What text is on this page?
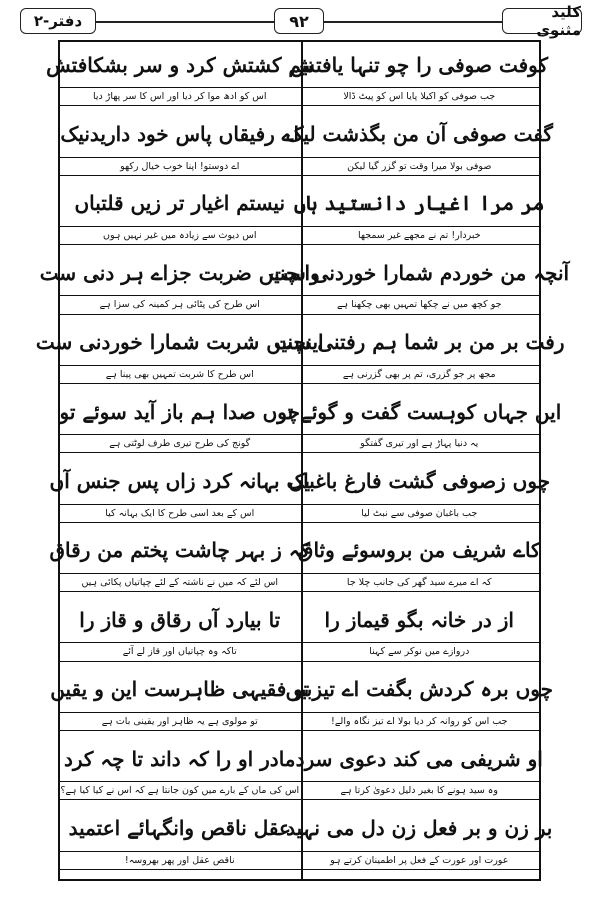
دفتر-۲	۹۲	کلید مثنوی
کوفت صوفی را چو تنہا یافتش
نیم کشتش کرد و سر بشکافتش
جب صوفی کو اکیلا پایا اس کو پیٹ ڈالا
اس کو ادھ موا کر دیا اور اس کا سر پھاڑ دیا
گفت صوفی آن من بگذشت لیک
اے رفیقاں پاس خود داریدنیک
صوفی بولا میرا وقت تو گزر گیا لیکن
اے دوستو! اپنا خوب خیال رکھو
مر مرا اغیار دانستید ہاں
نیستم اغیار تر زیں قلتباں
خبردار! تم نے مجھے غیر سمجھا
اس دیوث سے زیادہ میں غیر نہیں ہوں
آنچہ من خوردم شمارا خوردنی ست
وانچنیں ضربت جزاے ہر دنی ست
جو کچھ میں نے چکھا تمہیں بھی چکھنا ہے
اس طرح کی پٹائی ہر کمینہ کی سزا ہے
رفت بر من بر شما ہم رفتنی ست
اینچنیں شربت شمارا خوردنی ست
مجھ پر جو گزری، تم پر بھی گزرنی ہے
اس طرح کا شربت تمہیں بھی پینا ہے
ایں جہاں کوہست گفت و گوئے تو
چوں صدا ہم باز آید سوئے تو
یہ دنیا پہاڑ ہے اور تیری گفتگو
گونج کی طرح تیری طرف لوٹتی ہے
چوں زصوفی گشت فارغ باغباں
یک بہانہ کرد زاں پس جنس آں
جب باغبان صوفی سے نبٹ لیا
اس کے بعد اسی طرح کا ایک بہانہ کیا
کاے شریف من بروسوئے وثاق
کہ ز بہر چاشت پختم من رقاق
کہ اے میرے سید گھر کی جانب چلا جا
اس لئے کہ میں نے ناشتہ کے لئے چپاتیاں پکائی ہیں
از در خانہ بگو قیماز را
تا بیارد آں رقاق و قاز را
دروازے میں نوکر سے کہنا
تاکہ وہ چپاتیاں اور قاز لے آئے
چوں برہ کردش بگفت اے تیزبیں
تو فقیہی ظاہرست این و یقیں
جب اس کو روانہ کر دیا بولا اے تیز نگاہ والے!
تو مولوی ہے یہ ظاہر اور یقینی بات ہے
او شریفی می کند دعوی سرد
مادر او را کہ داند تا چہ کرد
وہ سید ہونے کا بغیر دلیل دعویٰ کرتا ہے
اس کی ماں کے بارے میں کون جانتا ہے کہ اس نے کیا کیا ہے؟
بر زن و بر فعل زن دل می نہید
عقل ناقص وانگہائے اعتمید
عورت اور عورت کے فعل پر اطمینان کرتے ہو
ناقص عقل اور پھر بھروسہ!
